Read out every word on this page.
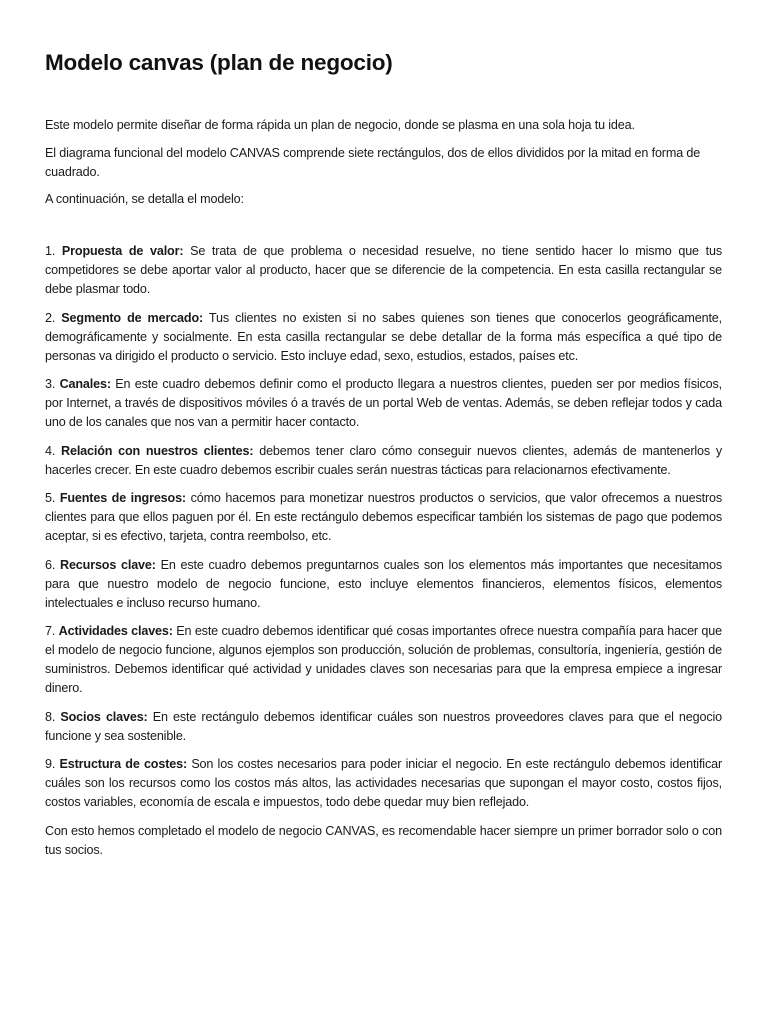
Modelo canvas (plan de negocio)

Este modelo permite diseñar de forma rápida un plan de negocio, donde se plasma en una sola hoja tu idea.

El diagrama funcional del modelo CANVAS comprende siete rectángulos, dos de ellos divididos por la mitad en forma de cuadrado.

A continuación, se detalla el modelo:

1. Propuesta de valor: Se trata de que problema o necesidad resuelve, no tiene sentido hacer lo mismo que tus competidores se debe aportar valor al producto, hacer que se diferencie de la competencia. En esta casilla rectangular se debe plasmar todo.

2. Segmento de mercado: Tus clientes no existen si no sabes quienes son tienes que conocerlos geográficamente, demográficamente y socialmente. En esta casilla rectangular se debe detallar de la forma más específica a qué tipo de personas va dirigido el producto o servicio. Esto incluye edad, sexo, estudios, estados, países etc.

3. Canales: En este cuadro debemos definir como el producto llegara a nuestros clientes, pueden ser por medios físicos, por Internet, a través de dispositivos móviles ó a través de un portal Web de ventas. Además, se deben reflejar todos y cada uno de los canales que nos van a permitir hacer contacto.

4. Relación con nuestros clientes: debemos tener claro cómo conseguir nuevos clientes, además de mantenerlos y hacerles crecer. En este cuadro debemos escribir cuales serán nuestras tácticas para relacionarnos efectivamente.

5. Fuentes de ingresos: cómo hacemos para monetizar nuestros productos o servicios, que valor ofrecemos a nuestros clientes para que ellos paguen por él. En este rectángulo debemos especificar también los sistemas de pago que podemos aceptar, si es efectivo, tarjeta, contra reembolso, etc.

6. Recursos clave: En este cuadro debemos preguntarnos cuales son los elementos más importantes que necesitamos para que nuestro modelo de negocio funcione, esto incluye elementos financieros, elementos físicos, elementos intelectuales e incluso recurso humano.

7. Actividades claves: En este cuadro debemos identificar qué cosas importantes ofrece nuestra compañía para hacer que el modelo de negocio funcione, algunos ejemplos son producción, solución de problemas, consultoría, ingeniería, gestión de suministros. Debemos identificar qué actividad y unidades claves son necesarias para que la empresa empiece a ingresar dinero.

8. Socios claves: En este rectángulo debemos identificar cuáles son nuestros proveedores claves para que el negocio funcione y sea sostenible.

9. Estructura de costes: Son los costes necesarios para poder iniciar el negocio. En este rectángulo debemos identificar cuáles son los recursos como los costos más altos, las actividades necesarias que supongan el mayor costo, costos fijos, costos variables, economía de escala e impuestos, todo debe quedar muy bien reflejado.

Con esto hemos completado el modelo de negocio CANVAS, es recomendable hacer siempre un primer borrador solo o con tus socios.
